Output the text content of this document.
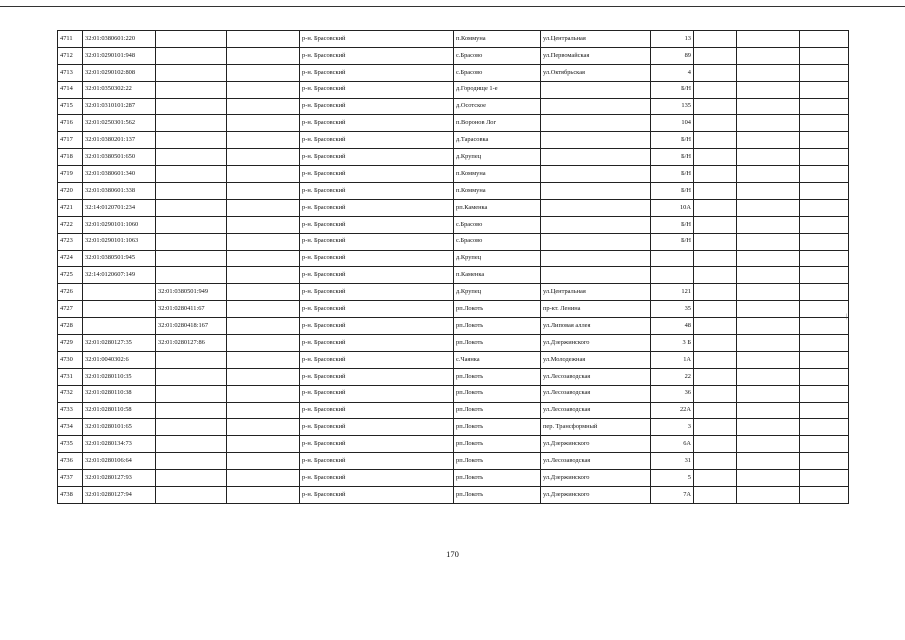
4711	32:01:0380601:220			р-н. Брасовский	п.Коммуна	ул.Центральная	13			
4712	32:01:0290101:948			р-н. Брасовский	с.Брасово	ул.Первомайская	89			
4713	32:01:0290102:808			р-н. Брасовский	с.Брасово	ул.Октябрьская	4			
4714	32:01:0350302:22			р-н. Брасовский	д.Городище 1-е		Б/Н			
4715	32:01:0310101:287			р-н. Брасовский	д.Осотское		135			
4716	32:01:0250301:562			р-н. Брасовский	п.Воронов Лог		104			
4717	32:01:0380201:137			р-н. Брасовский	д.Тарасовка		Б/Н			
4718	32:01:0380501:650			р-н. Брасовский	д.Крупец		Б/Н			
4719	32:01:0380601:340			р-н. Брасовский	п.Коммуна		Б/Н			
4720	32:01:0380601:338			р-н. Брасовский	п.Коммуна		Б/Н			
4721	32:14:0120701:234			р-н. Брасовский	рп.Каменка		10А			
4722	32:01:0290101:1060			р-н. Брасовский	с.Брасово		Б/Н			
4723	32:01:0290101:1063			р-н. Брасовский	с.Брасово		Б/Н			
4724	32:01:0380501:945			р-н. Брасовский	д.Крупец					
4725	32:14:0120607:149			р-н. Брасовский	п.Каменка					
4726		32:01:0380501:949		р-н. Брасовский	д.Крупец	ул.Центральная	121			
4727		32:01:0280411:67		р-н. Брасовский	рп.Локоть	пр-кт. Ленина	35			
4728		32:01:0280418:167		р-н. Брасовский	рп.Локоть	ул.Липовая аллея	48			
4729	32:01:0280127:35	32:01:0280127:86		р-н. Брасовский	рп.Локоть	ул.Дзержинского	3 Б			
4730	32:01:0040302:6			р-н. Брасовский	с.Чаянка	ул.Молодежная	1А			
4731	32:01:0280110:35			р-н. Брасовский	рп.Локоть	ул.Лесозаводская	22			
4732	32:01:0280110:38			р-н. Брасовский	рп.Локоть	ул.Лесозаводская	36			
4733	32:01:0280110:58			р-н. Брасовский	рп.Локоть	ул.Лесозаводская	22А			
4734	32:01:0280101:65			р-н. Брасовский	рп.Локоть	пер. Трансформный	3			
4735	32:01:0280134:73			р-н. Брасовский	рп.Локоть	ул.Дзержинского	6А			
4736	32:01:0280106:64			р-н. Брасовский	рп.Локоть	ул.Лесозаводская	31			
4737	32:01:0280127:93			р-н. Брасовский	рп.Локоть	ул.Дзержинского	5			
4738	32:01:0280127:94			р-н. Брасовский	рп.Локоть	ул.Дзержинского	7А			
170
|
